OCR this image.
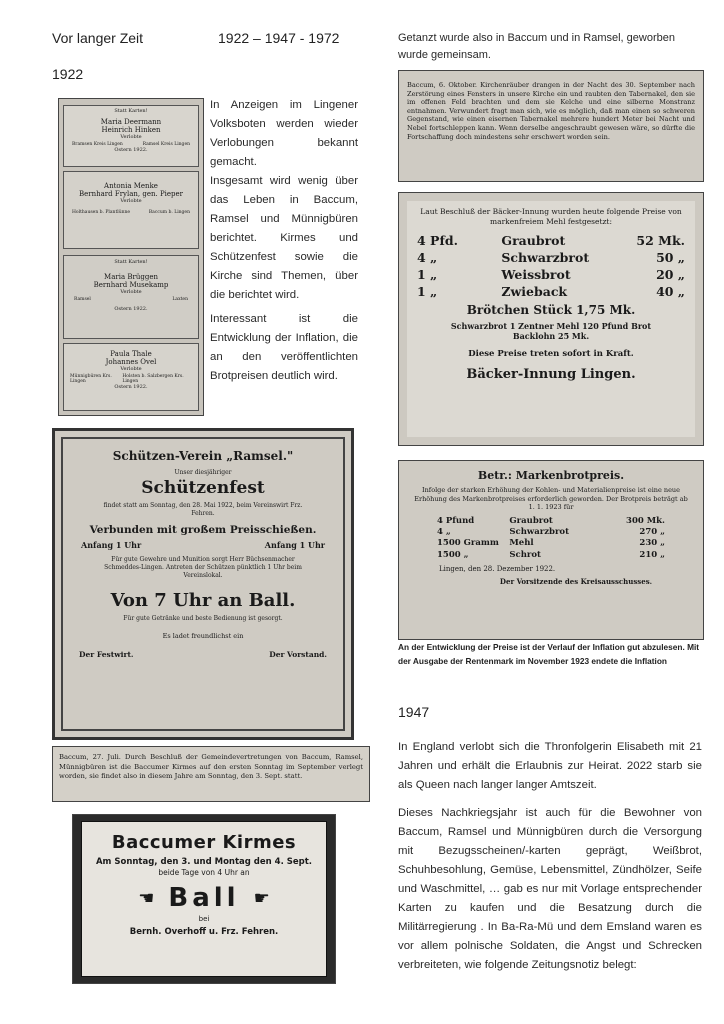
Vor langer Zeit	1922 – 1947 - 1972
1922
Getanzt wurde also in Baccum und in Ramsel, geworben wurde gemeinsam.
Statt Karten!
Maria Deermann
Heinrich Hinken
Verlobte
Bramsen Kreis Lingen	Ramsel Kreis Lingen
Ostern 1922.
Antonia Menke
Bernhard Frylan, gen. Pieper
Verlobte
Holthausen b. Plantlünne	Baccum b. Lingen
Statt Karten!
Maria Brüggen
Bernhard Musekamp
Verlobte
Ramsel	Laxten
Ostern 1922.
Paula Thale
Johannes Ovel
Verlobte
Münnigbüren Krs. Lingen
Holsten b. Salzbergen Krs. Lingen
Ostern 1922.
In Anzeigen im Lingener Volksboten werden wieder Verlobungen bekannt gemacht.
Insgesamt wird wenig über das Leben in Baccum, Ramsel und Münnigbüren berichtet. Kirmes und Schützenfest sowie die Kirche sind Themen, über die berichtet wird.
Interessant ist die Entwicklung der Inflation, die an den veröffentlichten Brotpreisen deutlich wird.
Schützen-Verein „Ramsel."
Unser diesjähriger
Schützenfest
findet statt am Sonntag, den 28. Mai 1922, beim Vereinswirt Frz. Fehren.
Verbunden mit großem Preisschießen.
Anfang 1 Uhr	Anfang 1 Uhr
Für gute Gewehre und Munition sorgt Herr Büchsenmacher Schmeddes-Lingen. Antreten der Schützen pünktlich 1 Uhr beim Vereinslokal.
Von 7 Uhr an Ball.
Für gute Getränke und beste Bedienung ist gesorgt.
Es ladet freundlichst ein
Der Festwirt.	Der Vorstand.
Baccum, 27. Juli. Durch Beschluß der Gemeindevertretungen von Baccum, Ramsel, Münnigbüren ist die Baccumer Kirmes auf den ersten Sonntag im September verlegt worden, sie findet also in diesem Jahre am Sonntag, den 3. Sept. statt.
Baccumer Kirmes
Am Sonntag, den 3. und Montag den 4. Sept.
beide Tage von 4 Uhr an
☚ Ball ☛
bei
Bernh. Overhoff u. Frz. Fehren.
Baccum, 6. Oktober. Kirchenräuber drangen in der Nacht des 30. September nach Zerstörung eines Fensters in unsere Kirche ein und raubten den Tabernakel, den sie im offenen Feld brachten und dem sie Kelche und eine silberne Monstranz entnahmen. Verwundert fragt man sich, wie es möglich, daß man einen so schweren Gegenstand, wie einen eisernen Tabernakel mehrere hundert Meter bei Nacht und Nebel fortschleppen kann. Wenn derselbe angeschraubt gewesen wäre, so dürfte die Fortschaffung doch mindestens sehr erschwert worden sein.
Laut Beschluß der Bäcker-Innung wurden heute folgende Preise von markenfreiem Mehl festgesetzt:
4 Pfd.	Graubrot	52 Mk.
4 „	Schwarzbrot	50 „
1 „	Weissbrot	20 „
1 „	Zwieback	40 „
Brötchen Stück 1,75 Mk.
Schwarzbrot 1 Zentner Mehl 120 Pfund Brot
Backlohn 25 Mk.
Diese Preise treten sofort in Kraft.
Bäcker-Innung Lingen.
Betr.: Markenbrotpreis.
Infolge der starken Erhöhung der Kohlen- und Materialienpreise ist eine neue Erhöhung des Markenbrotpreises erforderlich geworden. Der Brotpreis beträgt ab 1. 1. 1923 für
4 Pfund	Graubrot	300 Mk.
4 „	Schwarzbrot	270 „
1500 Gramm	Mehl	230 „
1500 „	Schrot	210 „
Lingen, den 28. Dezember 1922.
Der Vorsitzende des Kreisausschusses.
An der Entwicklung der Preise ist der Verlauf der Inflation gut abzulesen. Mit der Ausgabe der Rentenmark im November 1923 endete die Inflation
1947
In England verlobt sich die Thronfolgerin Elisabeth mit 21 Jahren und erhält die Erlaubnis zur Heirat. 2022 starb sie als Queen nach langer langer Amtszeit.
Dieses Nachkriegsjahr ist auch für die Bewohner von Baccum, Ramsel und Münnigbüren durch die Versorgung mit Bezugsscheinen/-karten geprägt, Weißbrot, Schuhbesohlung, Gemüse, Lebensmittel, Zündhölzer, Seife und Waschmittel, … gab es nur mit Vorlage entsprechender Karten zu kaufen und die Besatzung durch die Militärregierung . In Ba-Ra-Mü und dem Emsland waren es vor allem polnische Soldaten, die Angst und Schrecken verbreiteten, wie folgende Zeitungsnotiz belegt:
